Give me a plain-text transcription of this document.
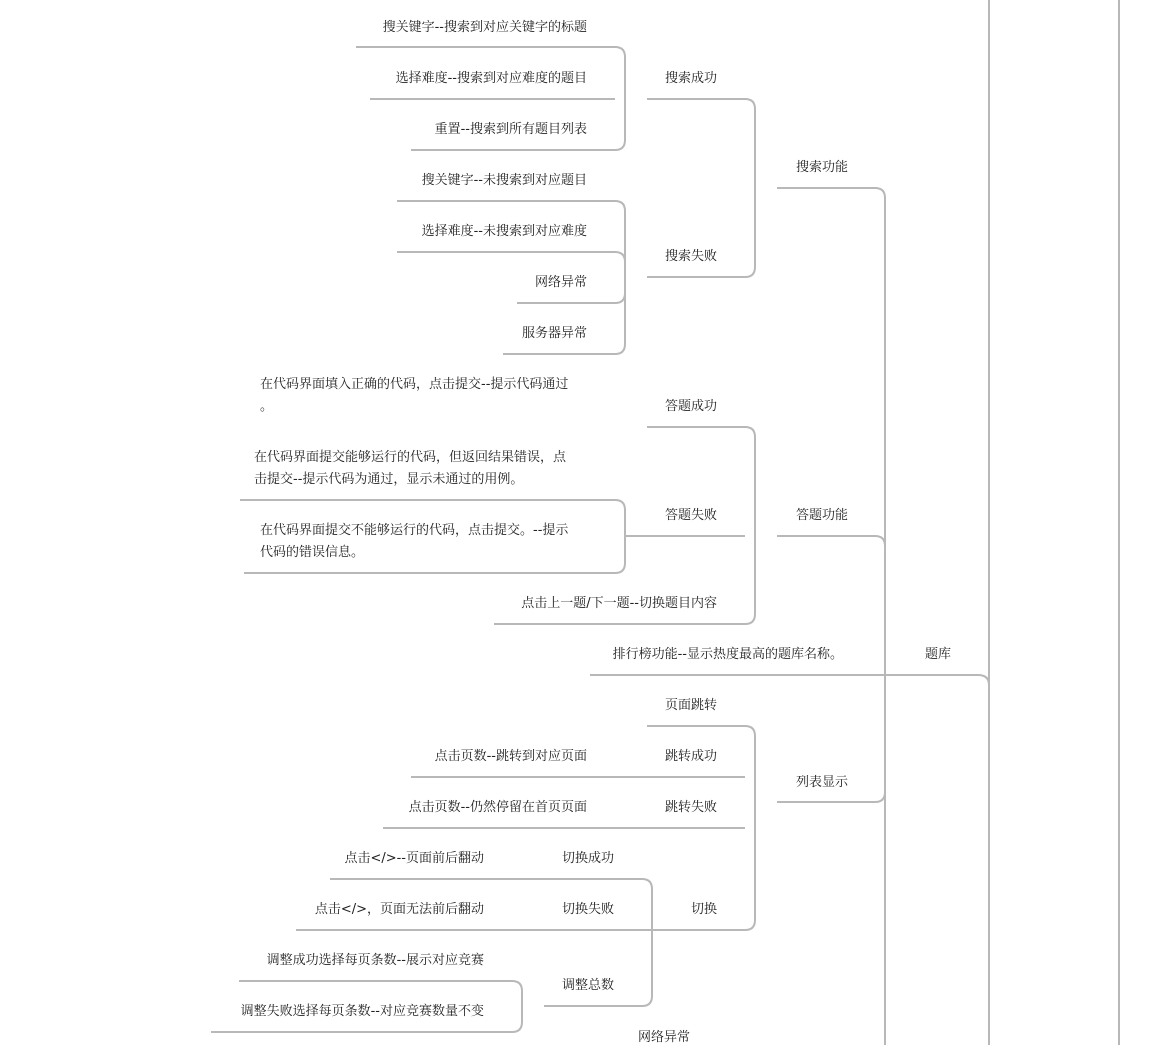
搜关键字--搜索到对应关键字的标题
选择难度--搜索到对应难度的题目
重置--搜索到所有题目列表
搜索成功
搜关键字--未搜索到对应题目
选择难度--未搜索到对应难度
网络异常
服务器异常
搜索失败
搜索功能
在代码界面填入正确的代码，点击提交--提示代码通过
。	答题成功
在代码界面提交能够运行的代码，但返回结果错误，点
击提交--提示代码为通过，显示未通过的用例。
在代码界面提交不能够运行的代码，点击提交。--提示
代码的错误信息。
答题失败	答题功能
点击上一题/下一题--切换题目内容
排行榜功能--显示热度最高的题库名称。	题库
页面跳转
点击页数--跳转到对应页面	跳转成功
点击页数--仍然停留在首页页面	跳转失败
列表显示
点击</>--页面前后翻动	切换成功
点击</>，页面无法前后翻动	切换失败	切换
调整成功选择每页条数--展示对应竞赛
调整总数
调整失败选择每页条数--对应竞赛数量不变
网络异常
